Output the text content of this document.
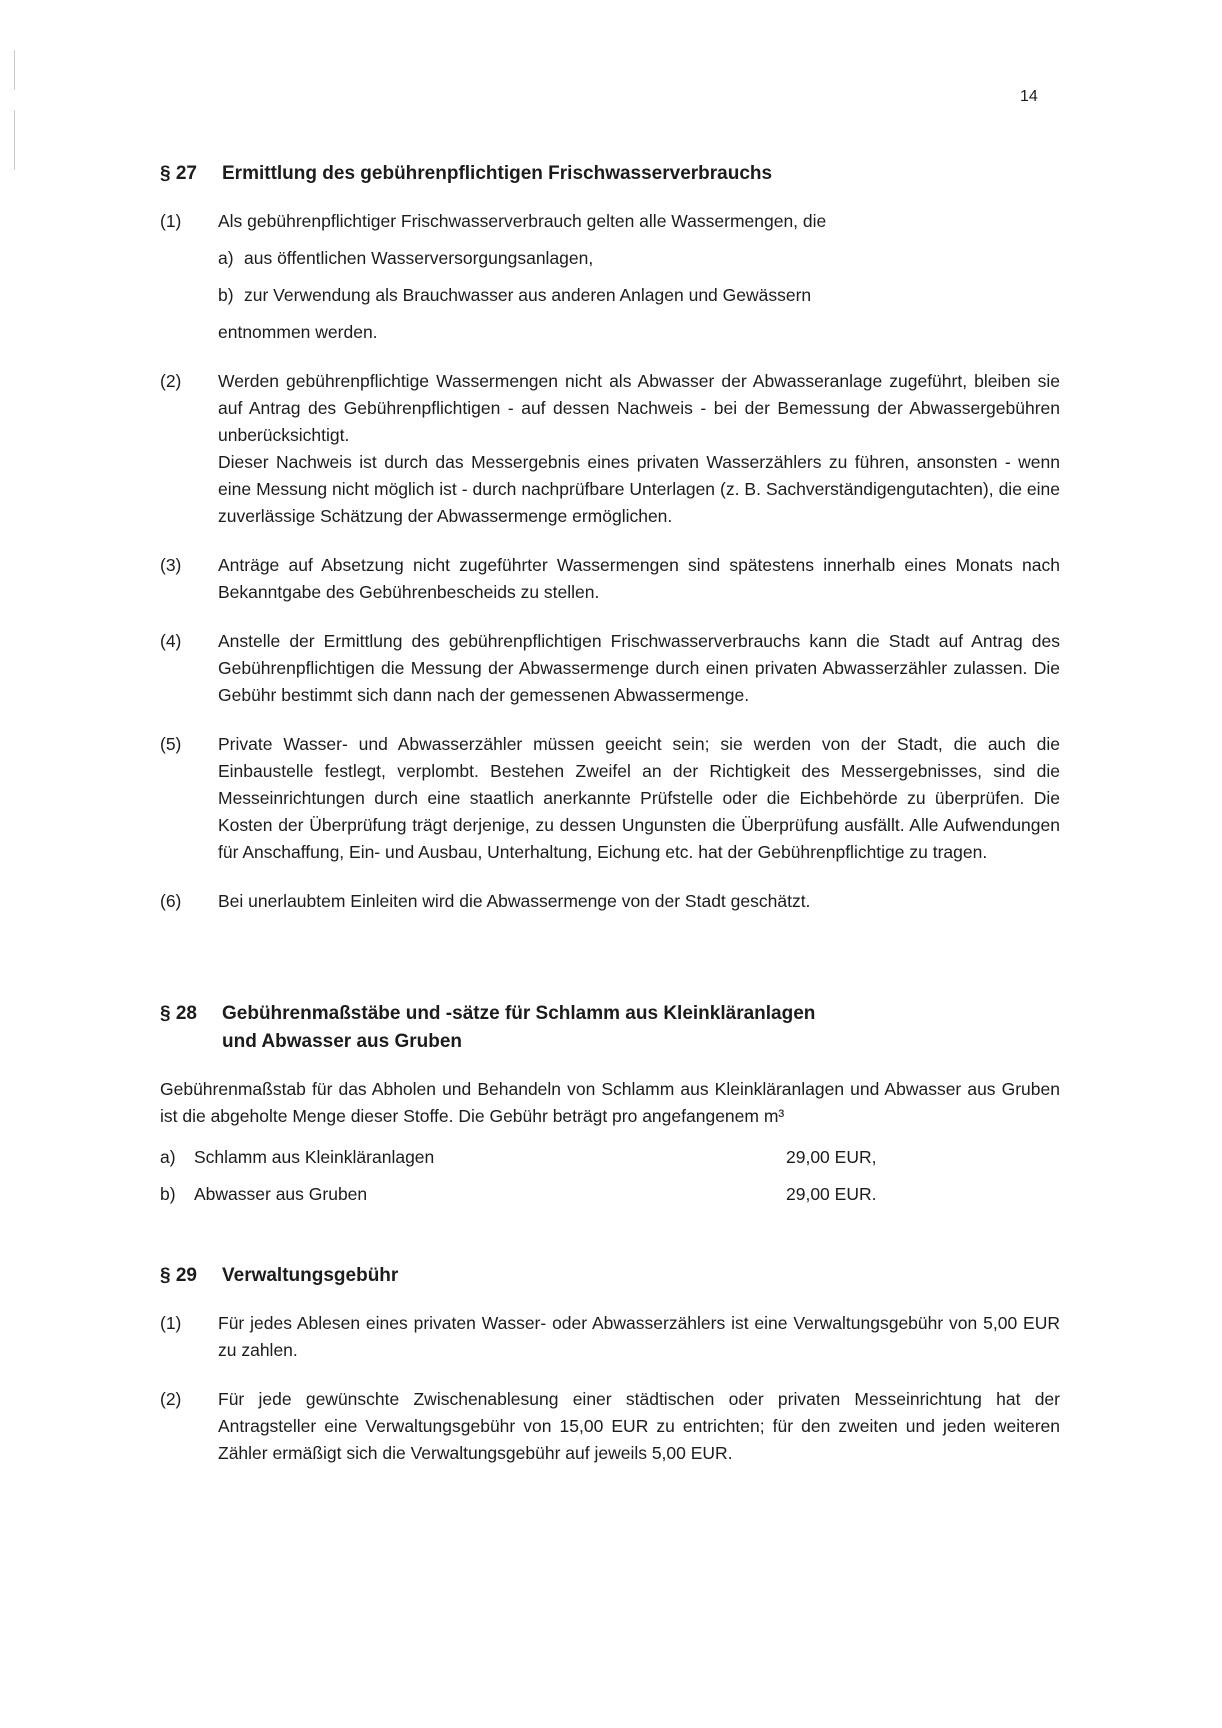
14
§ 27	Ermittlung des gebührenpflichtigen Frischwasserverbrauchs
(1) Als gebührenpflichtiger Frischwasserverbrauch gelten alle Wassermengen, die
a) aus öffentlichen Wasserversorgungsanlagen,
b) zur Verwendung als Brauchwasser aus anderen Anlagen und Gewässern
entnommen werden.
(2) Werden gebührenpflichtige Wassermengen nicht als Abwasser der Abwasseranlage zugeführt, bleiben sie auf Antrag des Gebührenpflichtigen - auf dessen Nachweis - bei der Bemessung der Abwassergebühren unberücksichtigt.
Dieser Nachweis ist durch das Messergebnis eines privaten Wasserzählers zu führen, ansonsten - wenn eine Messung nicht möglich ist - durch nachprüfbare Unterlagen (z. B. Sachverständigengutachten), die eine zuverlässige Schätzung der Abwassermenge ermöglichen.
(3) Anträge auf Absetzung nicht zugeführter Wassermengen sind spätestens innerhalb eines Monats nach Bekanntgabe des Gebührenbescheids zu stellen.
(4) Anstelle der Ermittlung des gebührenpflichtigen Frischwasserverbrauchs kann die Stadt auf Antrag des Gebührenpflichtigen die Messung der Abwassermenge durch einen privaten Abwasserzähler zulassen. Die Gebühr bestimmt sich dann nach der gemessenen Abwassermenge.
(5) Private Wasser- und Abwasserzähler müssen geeicht sein; sie werden von der Stadt, die auch die Einbaustelle festlegt, verplombt. Bestehen Zweifel an der Richtigkeit des Messergebnisses, sind die Messeinrichtungen durch eine staatlich anerkannte Prüfstelle oder die Eichbehörde zu überprüfen. Die Kosten der Überprüfung trägt derjenige, zu dessen Ungunsten die Überprüfung ausfällt. Alle Aufwendungen für Anschaffung, Ein- und Ausbau, Unterhaltung, Eichung etc. hat der Gebührenpflichtige zu tragen.
(6) Bei unerlaubtem Einleiten wird die Abwassermenge von der Stadt geschätzt.
§ 28	Gebührenmaßstäbe und -sätze für Schlamm aus Kleinkläranlagen
und Abwasser aus Gruben
Gebührenmaßstab für das Abholen und Behandeln von Schlamm aus Kleinkläranlagen und Abwasser aus Gruben ist die abgeholte Menge dieser Stoffe. Die Gebühr beträgt pro angefangenem m³
a)	Schlamm aus Kleinkläranlagen	29,00 EUR,
b)	Abwasser aus Gruben	29,00 EUR.
§ 29	Verwaltungsgebühr
(1) Für jedes Ablesen eines privaten Wasser- oder Abwasserzählers ist eine Verwaltungsgebühr von 5,00 EUR zu zahlen.
(2) Für jede gewünschte Zwischenablesung einer städtischen oder privaten Messeinrichtung hat der Antragsteller eine Verwaltungsgebühr von 15,00 EUR zu entrichten; für den zweiten und jeden weiteren Zähler ermäßigt sich die Verwaltungsgebühr auf jeweils 5,00 EUR.
